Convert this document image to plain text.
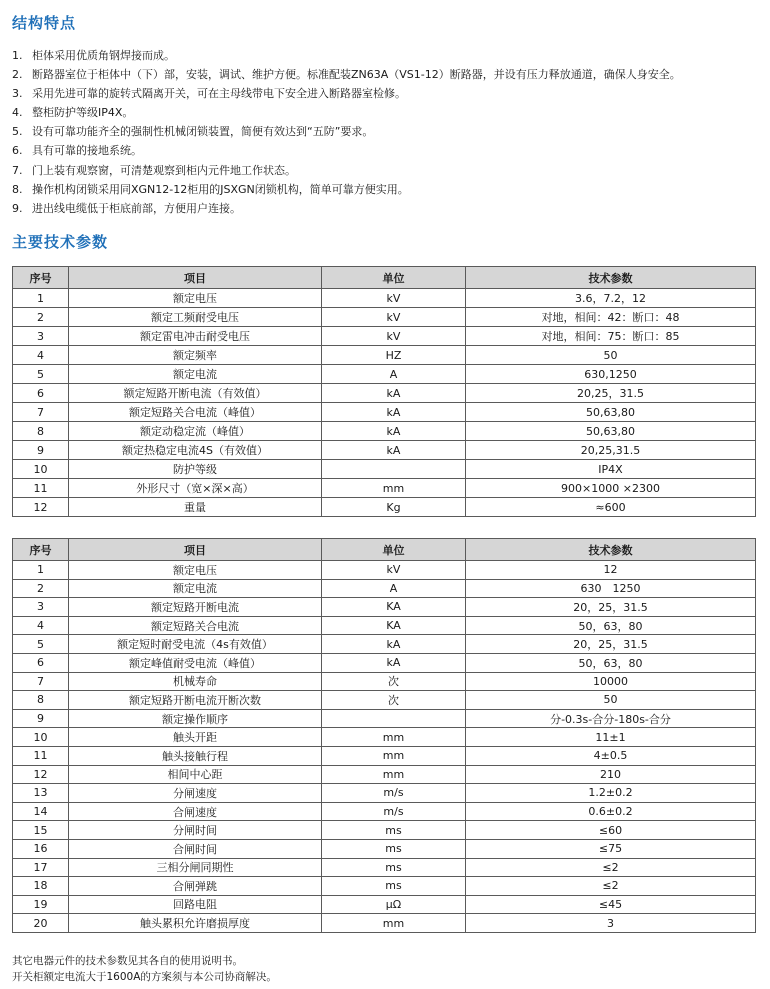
结构特点
1. 柜体采用优质角钢焊接而成。
2. 断路器室位于柜体中（下）部，安装，调试、维护方便。标准配装ZN63A（VS1-12）断路器，并设有压力释放通道，确保人身安全。
3. 采用先进可靠的旋转式隔离开关，可在主母线带电下安全进入断路器室检修。
4. 整柜防护等级IP4X。
5. 设有可靠功能齐全的强制性机械闭锁装置，简便有效达到“五防”要求。
6. 具有可靠的接地系统。
7. 门上装有观察窗，可清楚观察到柜内元件地工作状态。
8. 操作机构闭锁采用同XGN12-12柜用的JSXGN闭锁机构，简单可靠方便实用。
9. 进出线电缆低于柜底前部，方便用户连接。
主要技术参数
序号	项目	单位	技术参数
1	额定电压	kV	3.6，7.2，12
2	额定工频耐受电压	kV	对地，相间：42：断口：48
3	额定雷电冲击耐受电压	kV	对地，相间：75：断口：85
4	额定频率	HZ	50
5	额定电流	A	630,1250
6	额定短路开断电流（有效值）	kA	20,25，31.5
7	额定短路关合电流（峰值）	kA	50,63,80
8	额定动稳定流（峰值）	kA	50,63,80
9	额定热稳定电流4S（有效值）	kA	20,25,31.5
10	防护等级		IP4X
11	外形尺寸（宽×深×高）	mm	900×1000 ×2300
12	重量	Kg	≈600
序号	项目	单位	技术参数
1	额定电压	kV	12
2	额定电流	A	630　1250
3	额定短路开断电流	KA	20，25，31.5
4	额定短路关合电流	KA	50，63，80
5	额定短时耐受电流（4s有效值）	kA	20，25，31.5
6	额定峰值耐受电流（峰值）	kA	50，63，80
7	机械寿命	次	10000
8	额定短路开断电流开断次数	次	50
9	额定操作顺序		分-0.3s-合分-180s-合分
10	触头开距	mm	11±1
11	触头接触行程	mm	4±0.5
12	相间中心距	mm	210
13	分闸速度	m/s	1.2±0.2
14	合闸速度	m/s	0.6±0.2
15	分闸时间	ms	≤60
16	合闸时间	ms	≤75
17	三相分闸同期性	ms	≤2
18	合闸弹跳	ms	≤2
19	回路电阻	μΩ	≤45
20	触头累积允许磨损厚度	mm	3
其它电器元件的技术参数见其各自的使用说明书。
开关柜额定电流大于1600A的方案须与本公司协商解决。
